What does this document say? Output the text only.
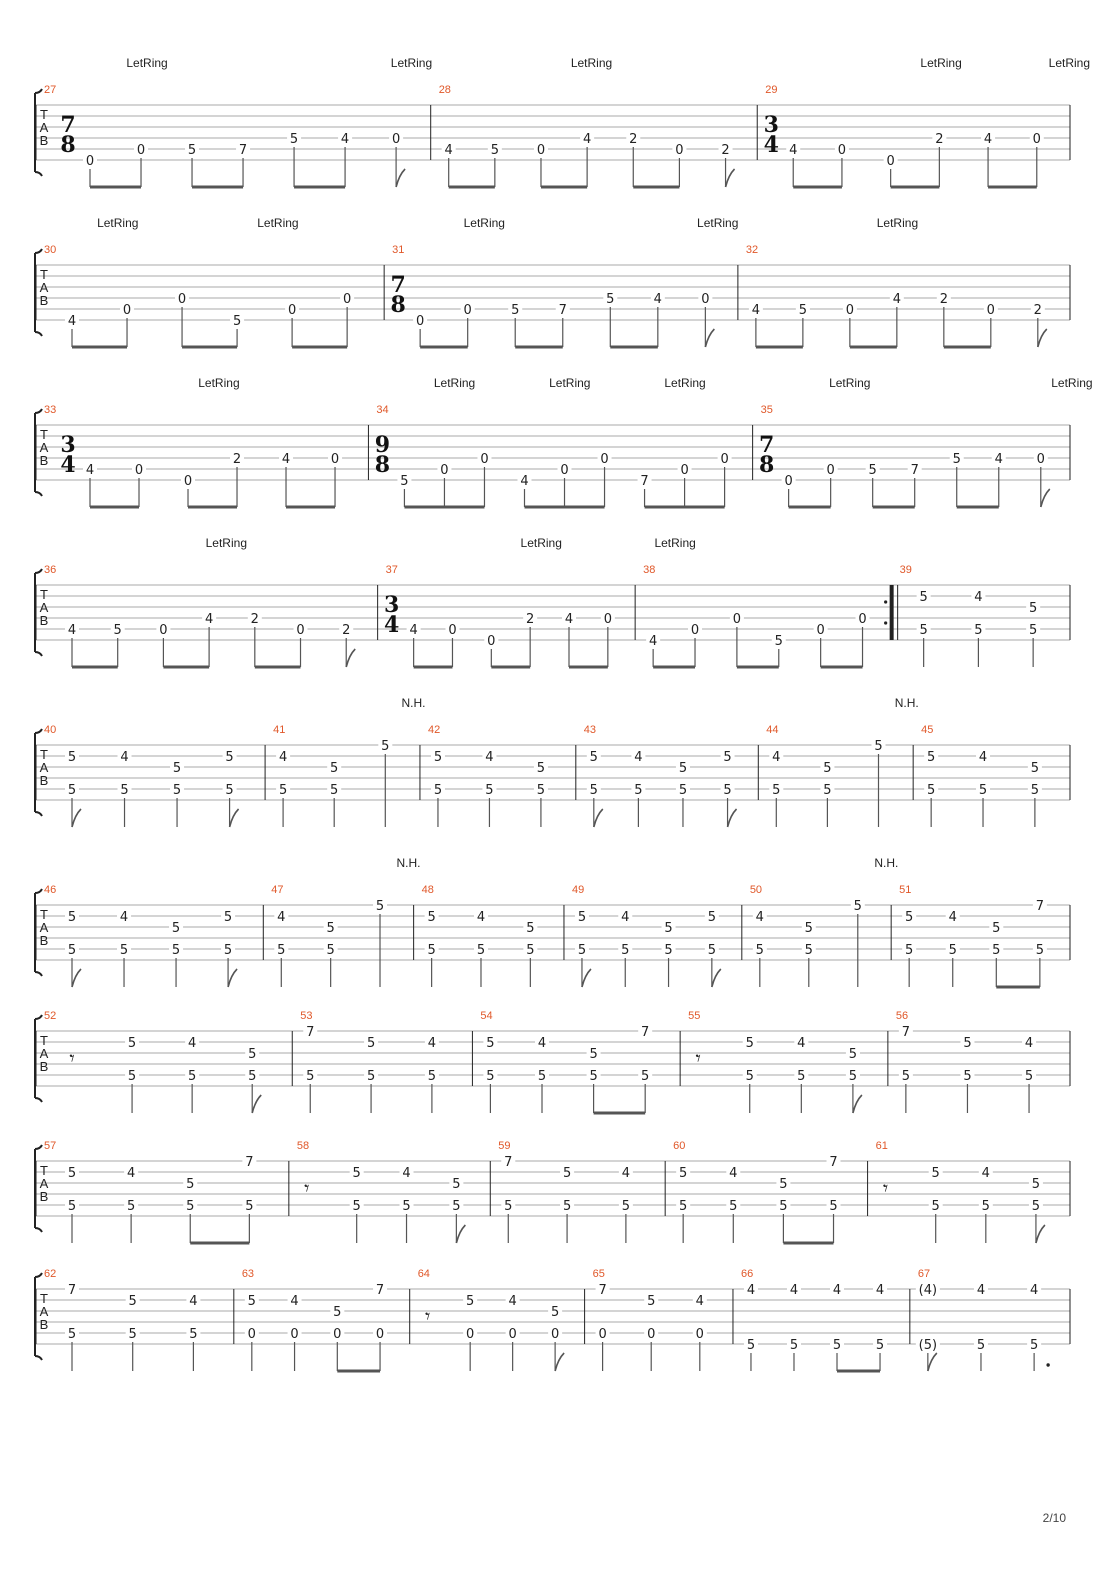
T
A
B
27
7
8
0
0	5	7
5	4	0
28
4	5	0
4	2
0	2
29
3
4 4	0
0
2	4	0
LetRing	LetRing	LetRing	LetRing	LetRing
T
A
B
30
4
0
0
5
0
0
31
7
8
0
0	5	7
5	4	0
32
4	5	0
4	2
0	2
LetRing	LetRing	LetRing	LetRing	LetRing
T
A
B
33
3
4 4	0
0
2	4	0
34
9
8
5
0
0
4
0
0
7
0
0
35
7
8
0
0	5	7
5	4	0
LetRing	LetRing	LetRing	LetRing	LetRing	LetRing
T
A
B
36
4	5	0
4	2
0	2
37
3
4 4 0
0
2 4 0
38
4
0
0
5
0
0
39
5
5
4
5
5
5
LetRing	LetRing	LetRing
T
A
B
40
5
5
4
5
5
5
5
5
41
4
5
5
5
5
42
5
5
4
5
5
5
43
5
5
4
5
5
5
5
5
44
4
5
5
5
5
45
5
5
4
5
5
5
N.H.	N.H.
T
A
B
46
5
5
4
5
5
5
5
5
47
4
5
5
5
5
48
5
5
4
5
5
5
49
5
5
4
5
5
5
5
5
50
4
5
5
5
5
51
5
5
4
5
5
5
7
5
N.H.	N.H.
T
A
B
52
𝄾
5
5
4
5
5
5
53
7
5
5
5
4
5
54
5
5
4
5
5
5
7
5
55
𝄾
5
5
4
5
5
5
56
7
5
5
5
4
5
T
A
B
57
5
5
4
5
5
5
7
5
58
𝄾
5
5
4
5
5
5
59
7
5
5
5
4
5
60
5
5
4
5
5
5
7
5
61
𝄾
5
5
4
5
5
5
T
A
B
62
7
5
5
5
4
5
63
5
0
4
0
5
0
7
0
64
𝄾
5
0
4
0
5
0
65
7
0
5
0
4
0
66
4
5
4
5
4
5
4
5
67
(4)
(5)
4
5
4
5
2/10
